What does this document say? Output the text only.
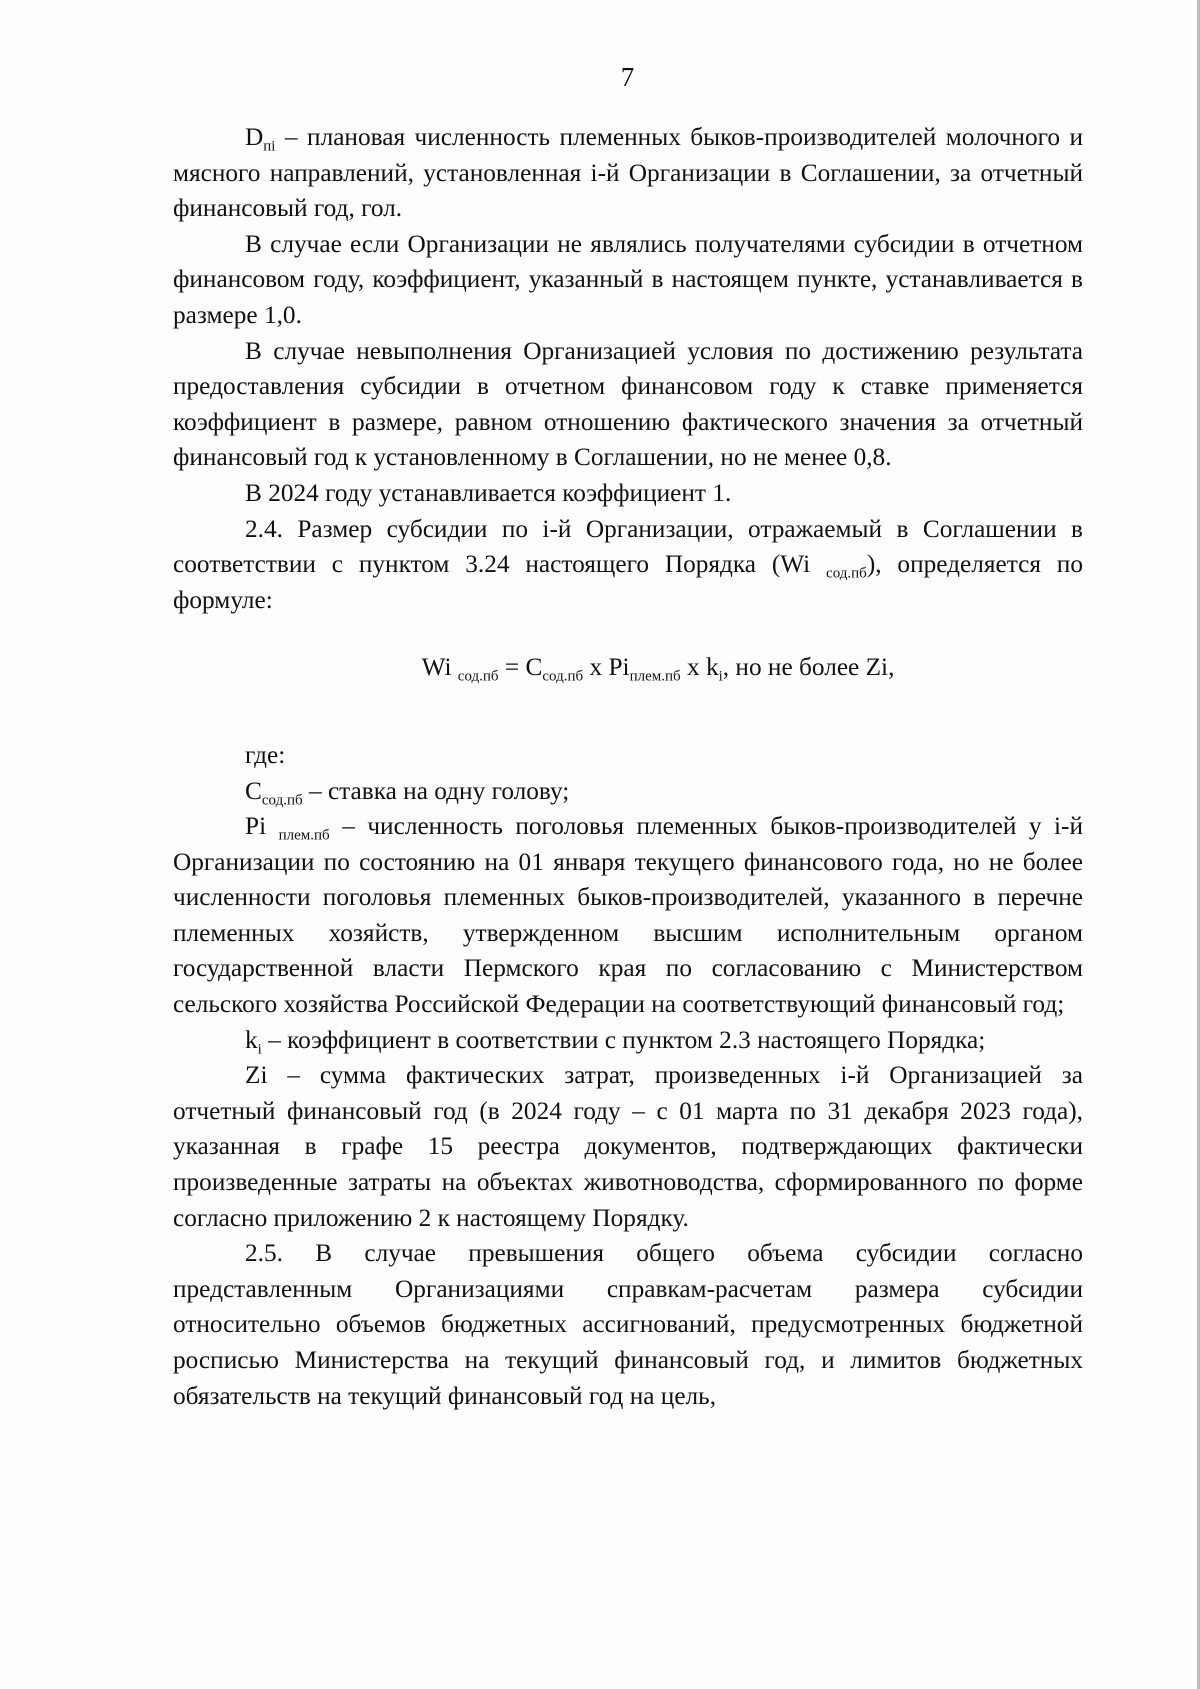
7

$D_{пi}$ – плановая численность племенных быков-производителей молочного и мясного направлений, установленная i-й Организации в Соглашении, за отчетный финансовый год, гол.

В случае если Организации не являлись получателями субсидии в отчетном финансовом году, коэффициент, указанный в настоящем пункте, устанавливается в размере 1,0.

В случае невыполнения Организацией условия по достижению результата предоставления субсидии в отчетном финансовом году к ставке применяется коэффициент в размере, равном отношению фактического значения за отчетный финансовый год к установленному в Соглашении, но не менее 0,8.

В 2024 году устанавливается коэффициент 1.

2.4. Размер субсидии по i-й Организации, отражаемый в Соглашении в соответствии с пунктом 3.24 настоящего Порядка (Wi $_{сод.пб}$), определяется по формуле:

Wi $_{сод.пб} = C_{сод.пб}$ x $Pi_{плем.пб}$ x $k_i$, но не более Zi,

где:

$C_{сод.пб}$ – ставка на одну голову;

Pi $_{плем.пб}$ – численность поголовья племенных быков-производителей у i-й Организации по состоянию на 01 января текущего финансового года, но не более численности поголовья племенных быков-производителей, указанного в перечне племенных хозяйств, утвержденном высшим исполнительным органом государственной власти Пермского края по согласованию с Министерством сельского хозяйства Российской Федерации на соответствующий финансовый год;

$k_i$ – коэффициент в соответствии с пунктом 2.3 настоящего Порядка;

Zi – сумма фактических затрат, произведенных i-й Организацией за отчетный финансовый год (в 2024 году – с 01 марта по 31 декабря 2023 года), указанная в графе 15 реестра документов, подтверждающих фактически произведенные затраты на объектах животноводства, сформированного по форме согласно приложению 2 к настоящему Порядку.

2.5. В случае превышения общего объема субсидии согласно представленным Организациями справкам-расчетам размера субсидии относительно объемов бюджетных ассигнований, предусмотренных бюджетной росписью Министерства на текущий финансовый год, и лимитов бюджетных обязательств на текущий финансовый год на цель,
